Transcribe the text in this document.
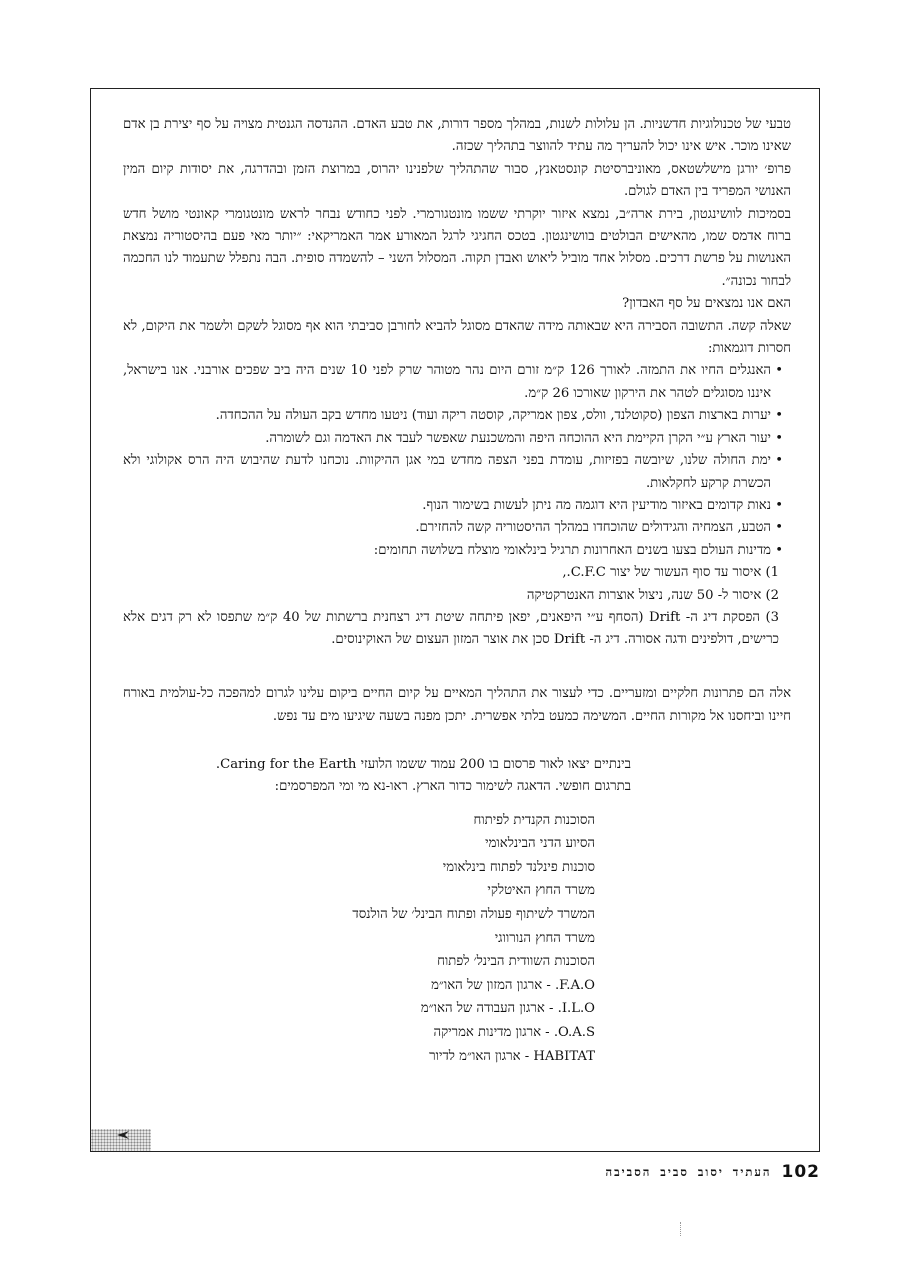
טבעי של טכנולוגיות חדשניות. הן עלולות לשנות, במהלך מספר דורות, את טבע האדם. ההנדסה הגנטית מצויה על סף יצירת בן אדם שאינו מוכר. איש אינו יכול להעריך מה עתיד להווצר בתהליך שכזה.

פרופ׳ יורגן מישלשטאס, מאוניברסיטת קונסטאנץ, סבור שהתהליך שלפנינו יהרוס, במרוצת הזמן ובהדרגה, את יסודות קיום המין האנושי המפריד בין האדם לגולם.

בסמיכות לוושינגטון, בירת ארה״ב, נמצא איזור יוקרתי ששמו מונטגורמרי. לפני כחודש נבחר לראש מונטגומרי קאונטי מושל חדש ברוח אדמס שמו, מהאישים הבולטים בוושינגטון. בטכס החגיגי לרגל המאורע אמר האמריקאי: ״יותר מאי פעם בהיסטוריה נמצאת האנושות על פרשת דרכים. מסלול אחד מוביל ליאוש ואבדן תקוה. המסלול השני – להשמדה סופית. הבה נתפלל שתעמוד לנו החכמה לבחור נכונה״.

האם אנו נמצאים על סף האבדון?

שאלה קשה. התשובה הסבירה היא שבאותה מידה שהאדם מסוגל להביא לחורבן סביבתי הוא אף מסוגל לשקם ולשמר את היקום, לא חסרות דוגמאות:

• האנגלים החיו את התמזה. לאורך 126 ק״מ זורם היום נהר מטוהר שרק לפני 10 שנים היה ביב שפכים אורבני. אנו בישראל, איננו מסוגלים לטהר את הירקון שאורכו 26 ק״מ.
• יערות בארצות הצפון (סקוטלנד, וולס, צפון אמריקה, קוסטה ריקה ועוד) ניטעו מחדש בקב העולה על ההכחדה.
• יעור הארץ ע״י הקרן הקיימת היא ההוכחה היפה והמשכנעת שאפשר לעבד את האדמה וגם לשומרה.
• ימת החולה שלנו, שיובשה בפזיזות, עומדת בפני הצפה מחדש במי אגן ההיקוות. נוכחנו לדעת שהיבוש היה הרס אקולוגי ולא הכשרת קרקע לחקלאות.
• נאות קדומים באיזור מודיעין היא דוגמה מה ניתן לעשות בשימור הנוף.
• הטבע, הצמחיה והגידולים שהוכחדו במהלך ההיסטוריה קשה להחזירם.
• מדינות העולם בצעו בשנים האחרונות תרגיל בינלאומי מוצלח בשלושה תחומים:
1) איסור עד סוף העשור של יצור C.F.C.,
2) איסור ל- 50 שנה, ניצול אוצרות האנטרקטיקה
3) הפסקת דיג ה- Drift (הסחף ע״י היפאנים, יפאן פיתחה שיטת דיג רצחנית ברשתות של 40 ק״מ שתפסו לא רק דגים אלא כרישים, דולפינים ודגה אסורה. דיג ה- Drift סכן את אוצר המזון העצום של האוקינוסים.

אלה הם פתרונות חלקיים ומזעריים. כדי לעצור את התהליך המאיים על קיום החיים ביקום עלינו לגרום למהפכה כל-עולמית באורח חיינו וביחסנו אל מקורות החיים. המשימה כמעט בלתי אפשרית. יתכן מפנה בשעה שיגיעו מים עד נפש.

בינתיים יצאו לאור פרסום בו 200 עמוד ששמו הלועזי Caring for the Earth.

בתרגום חופשי. הדאגה לשימור כדור הארץ. ראו-נא מי ומי המפרסמים:

הסוכנות הקנדית לפיתוח
הסיוע הדני הבינלאומי
סוכנות פינלנד לפתוח בינלאומי
משרד החוץ האיטלקי
המשרד לשיתוף פעולה ופתוח הבינל׳ של הולנסד
משרד החוץ הנורווגי
הסוכנות השוודית הבינל׳ לפתוח
F.A.O. - ארגון המזון של האו״מ
I.L.O. - ארגון העבודה של האו״מ
O.A.S. - ארגון מדינות אמריקה
HABITAT - ארגון האו״מ לדיור
102
העתיד יסוב סביב הסביבה
